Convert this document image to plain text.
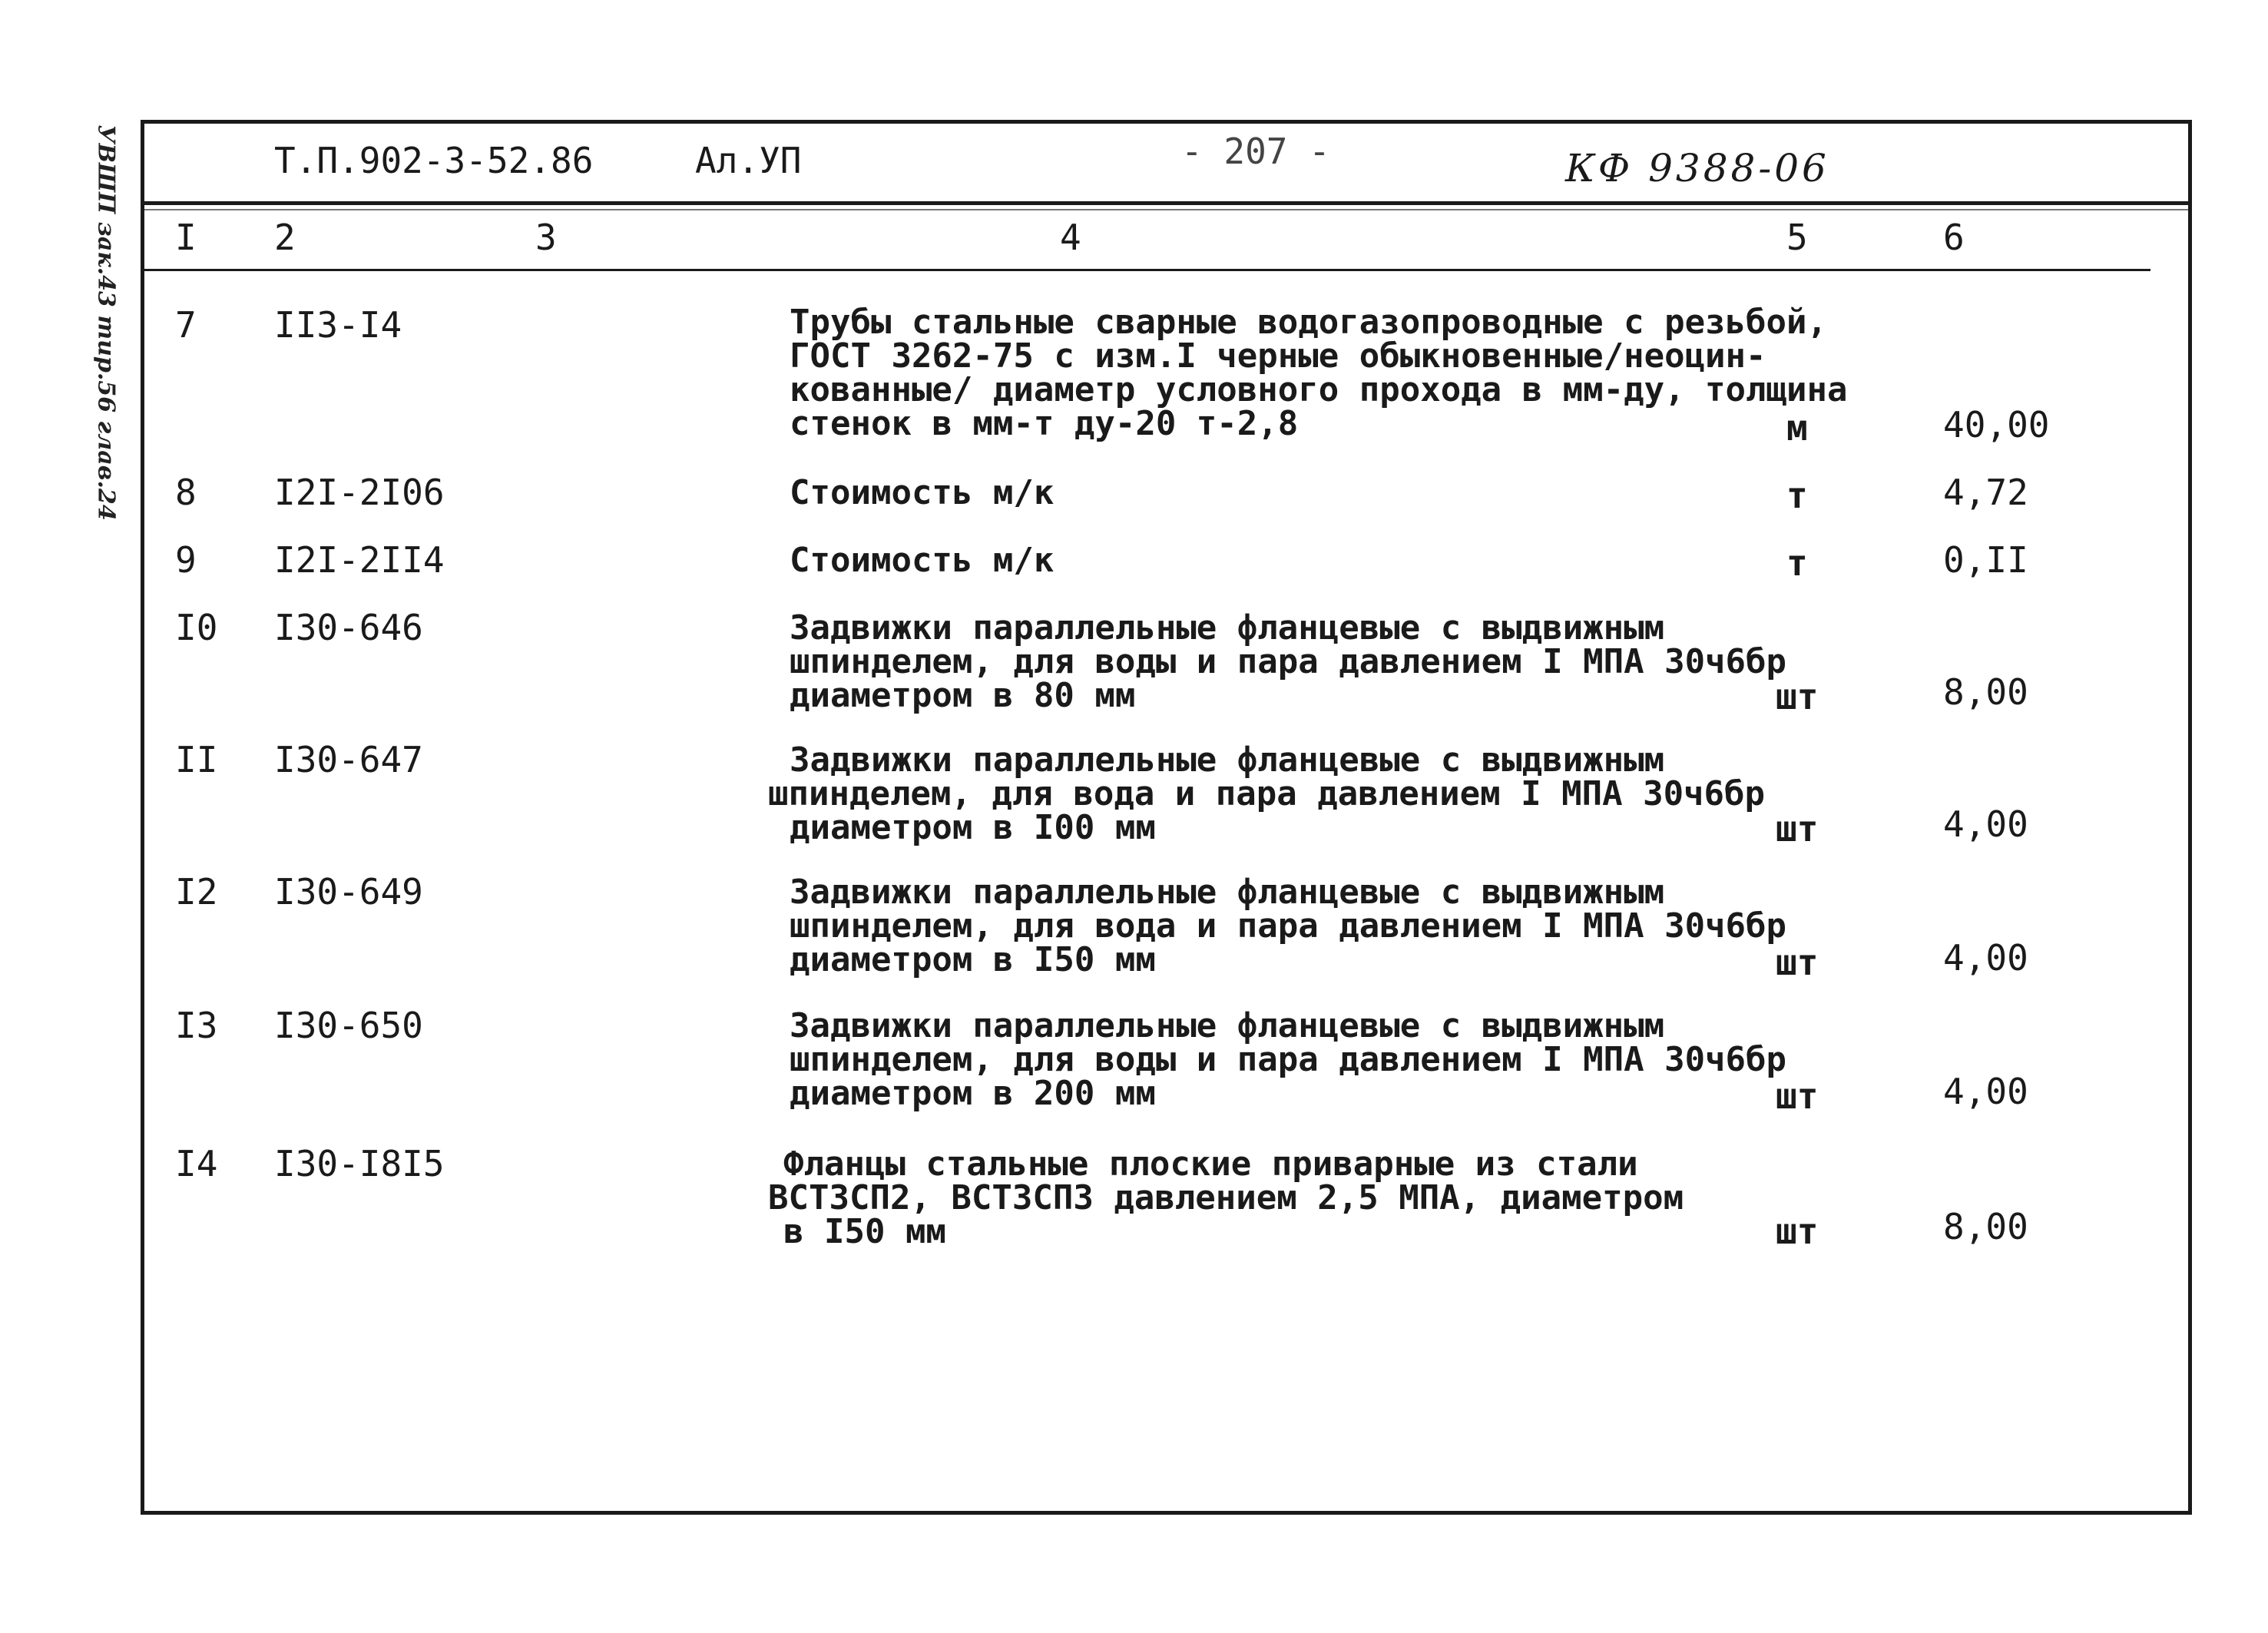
УВШП зак.43 тир.56 глав.24	Т.П.902-3-52.86	Ал.УП	- 207 -	КФ 9388-06
I 2	3	4	5	6
7 II3-I4	Трубы стальные сварные водогазопроводные с резьбой,
ГОСТ 3262-75 с изм.I черные обыкновенные/неоцин-
кованные/ диаметр условного прохода в мм-ду, толщина
стенок в мм-т ду-20 т-2,8	м	40,00
8 I2I-2I06	Стоимость м/к	т	4,72
9 I2I-2II4	Стоимость м/к	т	0,II
I0 I30-646	Задвижки параллельные фланцевые с выдвижным
шпинделем, для воды и пара давлением I МПА 30ч6бр
диаметром в 80 мм	шт	8,00
II I30-647	Задвижки параллельные фланцевые с выдвижным
шпинделем, для вода и пара давлением I МПА 30ч6бр
диаметром в I00 мм	шт	4,00
I2 I30-649	Задвижки параллельные фланцевые с выдвижным
шпинделем, для вода и пара давлением I МПА 30ч6бр
диаметром в I50 мм	шт	4,00
I3 I30-650	Задвижки параллельные фланцевые с выдвижным
шпинделем, для воды и пара давлением I МПА 30ч6бр
диаметром в 200 мм	шт	4,00
I4 I30-I8I5	Фланцы стальные плоские приварные из стали
ВСТ3СП2, ВСТ3СП3 давлением 2,5 МПА, диаметром
в I50 мм	шт	8,00
